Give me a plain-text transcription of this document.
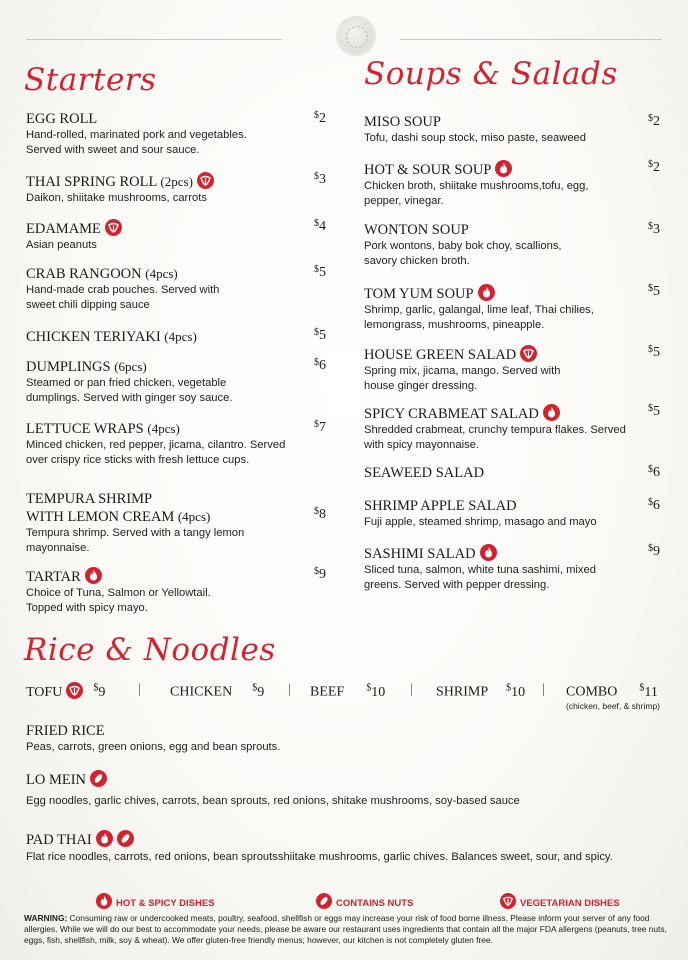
Starters	Soups & Salads
Rice & Noodles
EGG ROLL
Hand-rolled, marinated pork and vegetables. Served with sweet and sour sauce.
$2
THAI SPRING ROLL (2pcs)
Daikon, shiitake mushrooms, carrots
$3
EDAMAME
Asian peanuts
$4
CRAB RANGOON (4pcs)
Hand-made crab pouches. Served with sweet chili dipping sauce
$5
CHICKEN TERIYAKI (4pcs)	$5
DUMPLINGS (6pcs)
Steamed or pan fried chicken, vegetable dumplings. Served with ginger soy sauce.
$6
LETTUCE WRAPS (4pcs)
Minced chicken, red pepper, jicama, cilantro. Served over crispy rice sticks with fresh lettuce cups.
$7
TEMPURA SHRIMP
WITH LEMON CREAM (4pcs)
Tempura shrimp. Served with a tangy lemon mayonnaise.
$8
TARTAR
Choice of Tuna, Salmon or Yellowtail. Topped with spicy mayo.
$9
MISO SOUP
Tofu, dashi soup stock, miso paste, seaweed
$2
HOT & SOUR SOUP
Chicken broth, shiitake mushrooms,tofu, egg, pepper, vinegar.
$2
WONTON SOUP
Pork wontons, baby bok choy, scallions, savory chicken broth.
$3
TOM YUM SOUP
Shrimp, garlic, galangal, lime leaf, Thai chilies, lemongrass, mushrooms, pineapple.
$5
HOUSE GREEN SALAD
Spring mix, jicama, mango. Served with house ginger dressing.
$5
SPICY CRABMEAT SALAD
Shredded crabmeat, crunchy tempura flakes. Served with spicy mayonnaise.
$5
SEAWEED SALAD	$6
SHRIMP APPLE SALAD
Fuji apple, steamed shrimp, masago and mayo
$6
SASHIMI SALAD
Sliced tuna, salmon, white tuna sashimi, mixed greens. Served with pepper dressing.
$9
TOFU	$9 | CHICKEN $9 | BEEF $10 | SHRIMP $10 | COMBO $11
(chicken, beef, & shrimp)
FRIED RICE
Peas, carrots, green onions, egg and bean sprouts.
LO MEIN
Egg noodles, garlic chives, carrots, bean sprouts, red onions, shitake mushrooms, soy-based sauce
PAD THAI
Flat rice noodles, carrots, red onions, bean sproutsshiitake mushrooms, garlic chives. Balances sweet, sour, and spicy.
HOT & SPICY DISHES	CONTAINS NUTS	VEGETARIAN DISHES
WARNING: Consuming raw or undercooked meats, poultry, seafood, shellfish or eggs may increase your risk of food borne illness. Please inform your server of any food allergies. While we will do our best to accommodate your needs, please be aware our restaurant uses ingredients that contain all the major FDA allergens (peanuts, tree nuts, eggs, fish, shellfish, milk, soy & wheat). We offer gluten-free friendly menus; however, our kitchen is not completely gluten free.
